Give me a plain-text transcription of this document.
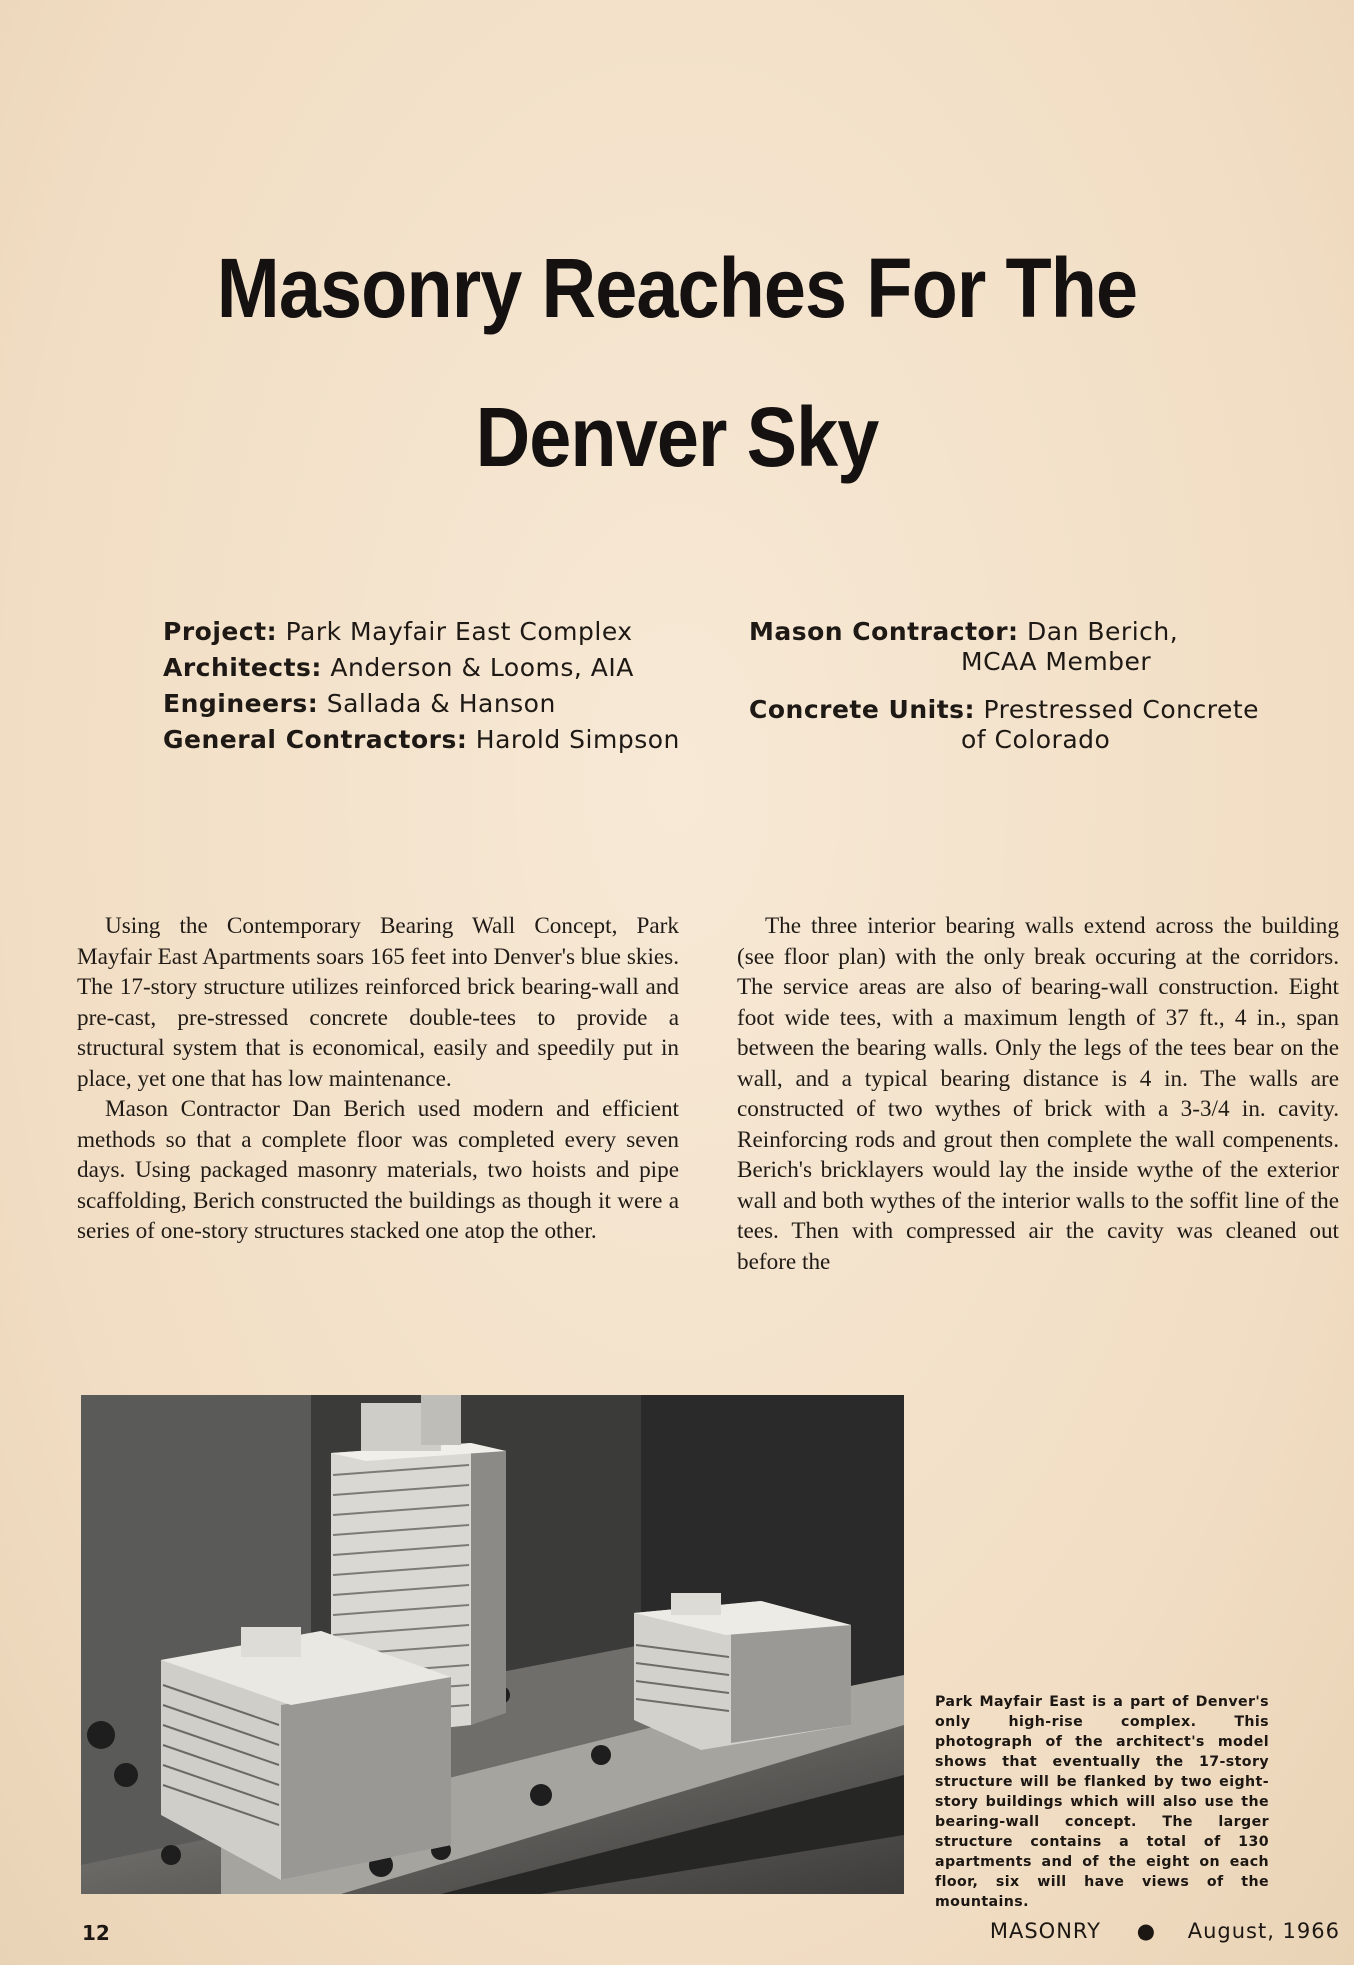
Masonry Reaches For The
Denver Sky
Project: Park Mayfair East Complex
Architects: Anderson & Looms, AIA
Engineers: Sallada & Hanson
General Contractors: Harold Simpson
Mason Contractor: Dan Berich,
MCAA Member
Concrete Units: Prestressed Concrete
of Colorado

Using the Contemporary Bearing Wall Concept, Park Mayfair East Apartments soars 165 feet into Denver's blue skies. The 17-story structure utilizes reinforced brick bearing-wall and pre-cast, pre-stressed concrete double-tees to provide a structural system that is economical, easily and speedily put in place, yet one that has low maintenance.

Mason Contractor Dan Berich used modern and efficient methods so that a complete floor was completed every seven days. Using packaged masonry materials, two hoists and pipe scaffolding, Berich constructed the buildings as though it were a series of one-story structures stacked one atop the other.

The three interior bearing walls extend across the building (see floor plan) with the only break occuring at the corridors. The service areas are also of bearing-wall construction. Eight foot wide tees, with a maximum length of 37 ft., 4 in., span between the bearing walls. Only the legs of the tees bear on the wall, and a typical bearing distance is 4 in. The walls are constructed of two wythes of brick with a 3-3/4 in. cavity. Reinforcing rods and grout then complete the wall compenents. Berich's bricklayers would lay the inside wythe of the exterior wall and both wythes of the interior walls to the soffit line of the tees. Then with compressed air the cavity was cleaned out before the

Park Mayfair East is a part of Denver's only high-rise complex. This photograph of the architect's model shows that eventually the 17-story structure will be flanked by two eight-story buildings which will also use the bearing-wall concept. The larger structure contains a total of 130 apartments and of the eight on each floor, six will have views of the mountains.
12	MASONRY ● August, 1966
